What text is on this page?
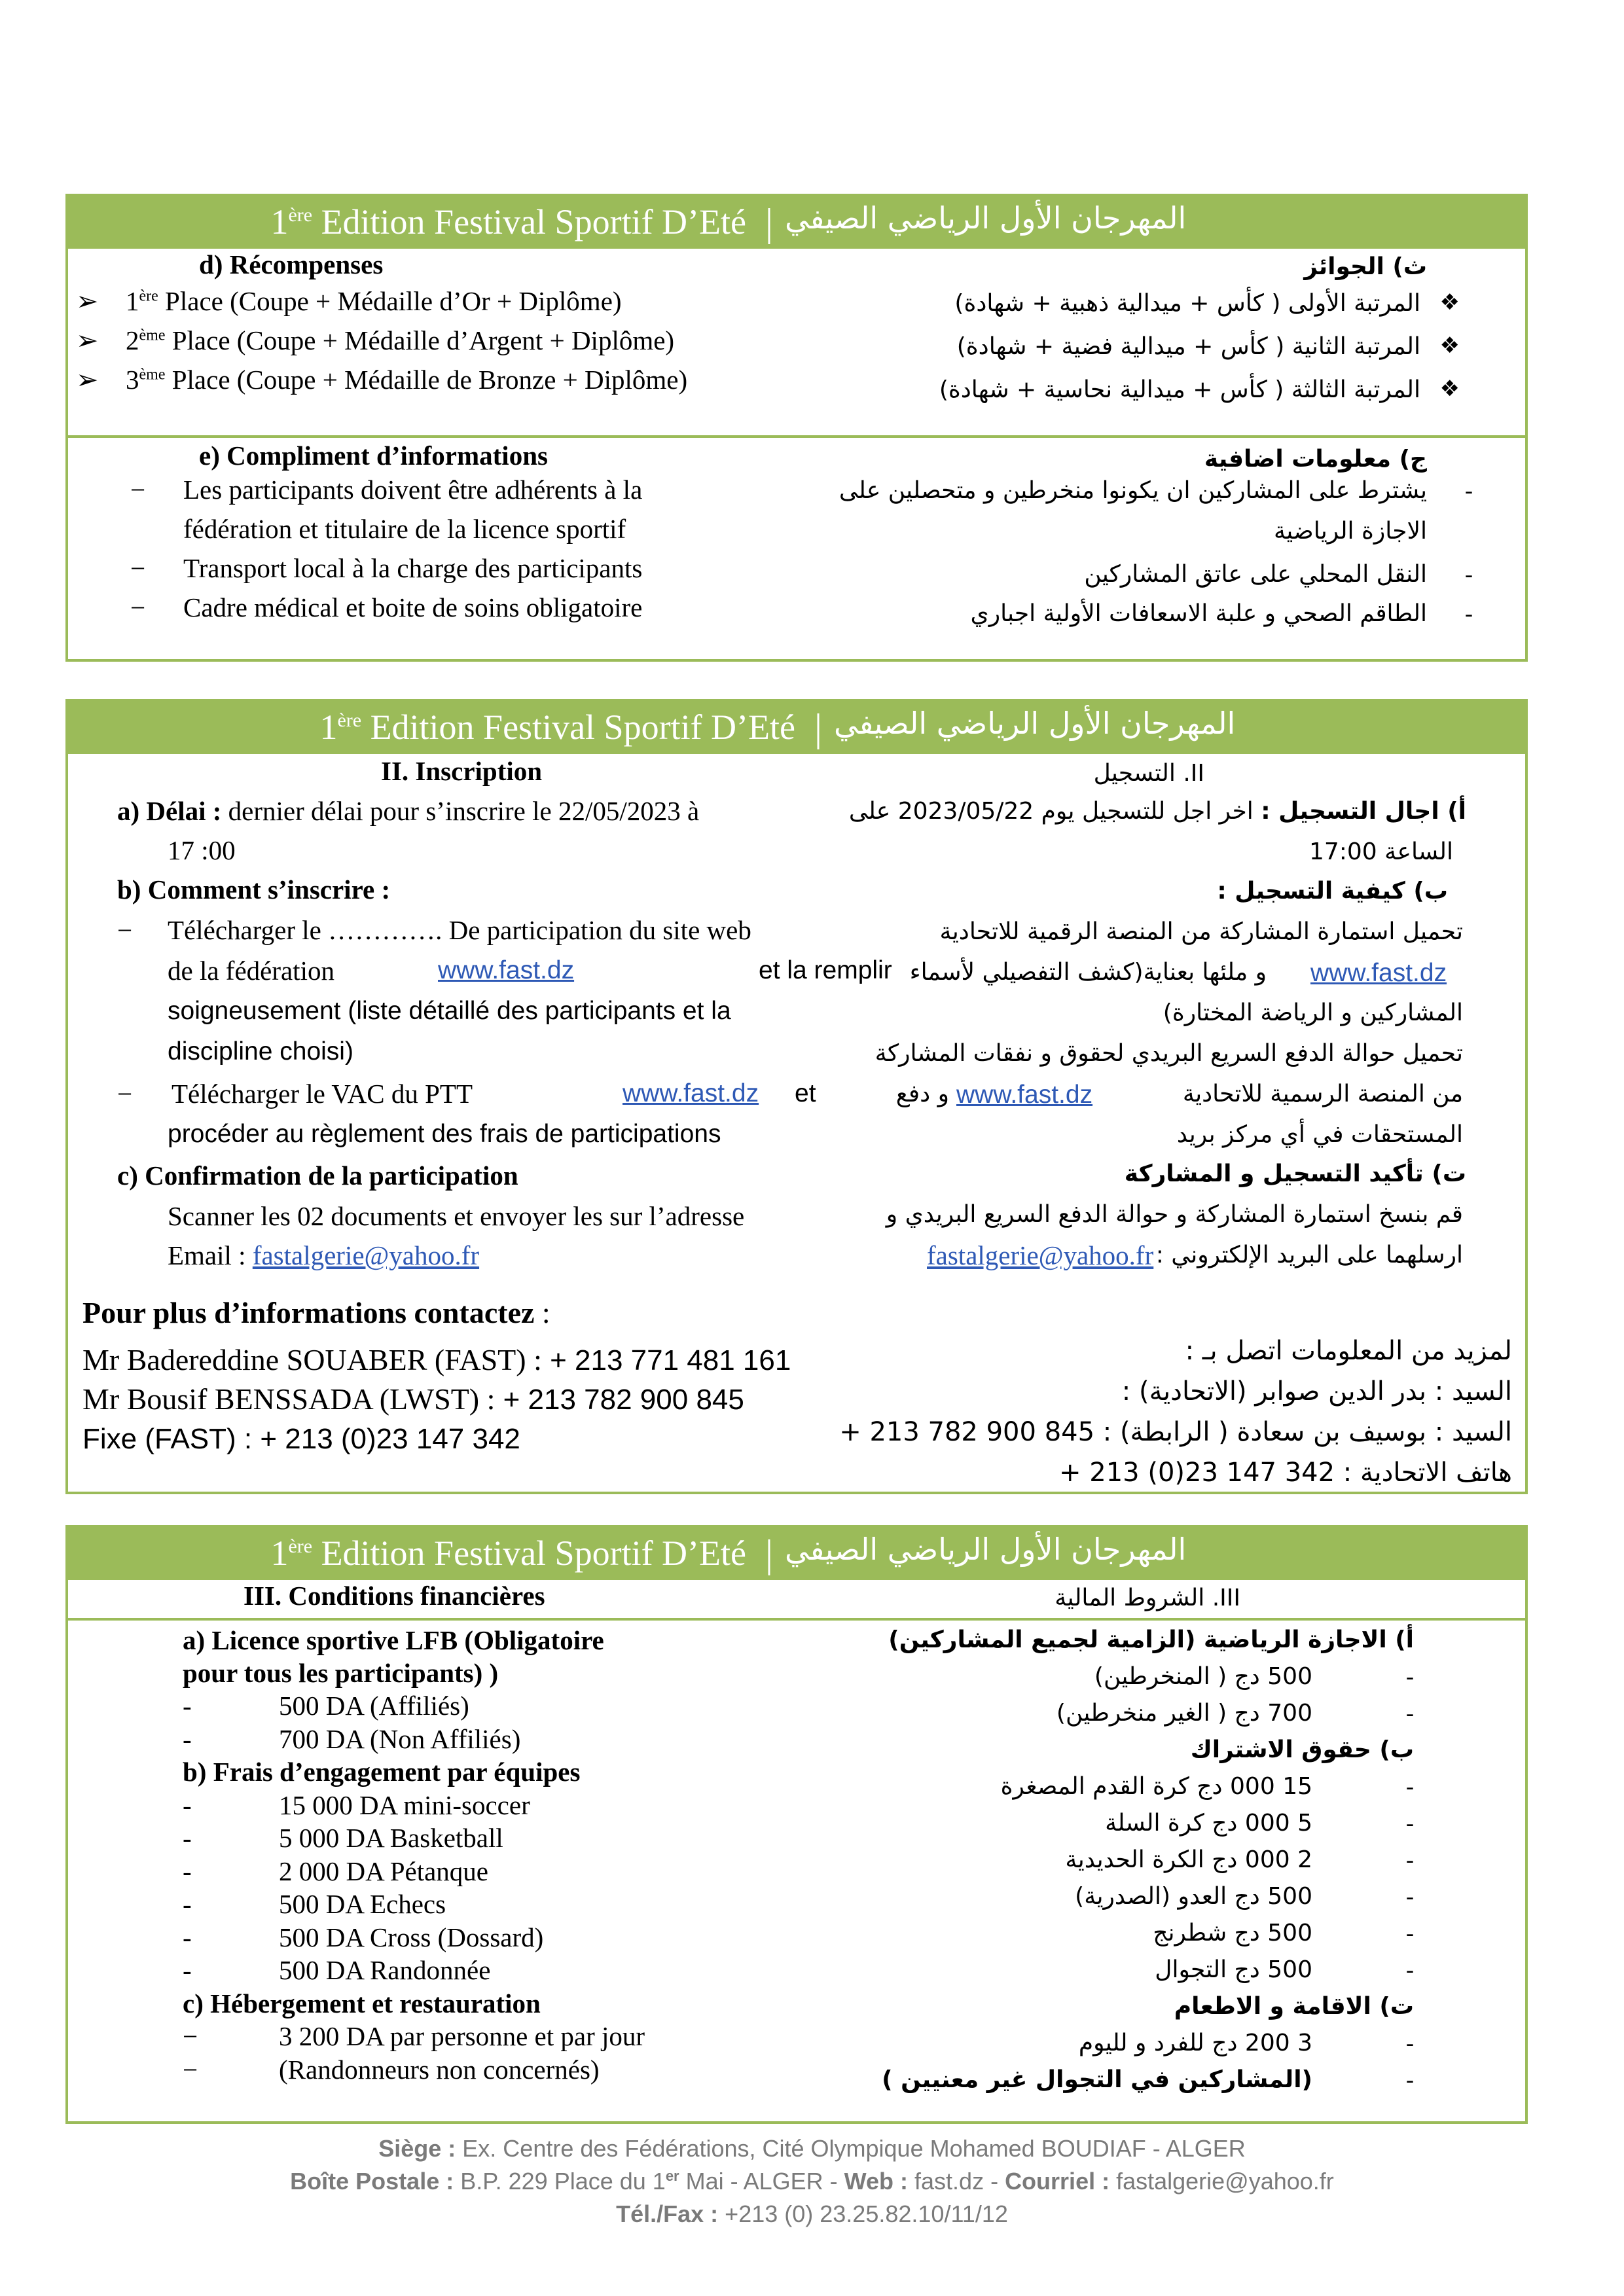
1ère Edition Festival Sportif D’Eté | المهرجان الأول الرياضي الصيفي
d) Récompenses	ث) الجوائز
➢ 1ère Place (Coupe + Médaille d’Or + Diplôme)
➢ 2ème Place (Coupe + Médaille d’Argent + Diplôme)
➢ 3ème Place (Coupe + Médaille de Bronze + Diplôme)
❖
المرتبة الأولى ( كأس + ميدالية ذهبية + شهادة)
❖
المرتبة الثانية ( كأس + ميدالية فضية + شهادة)
❖
المرتبة الثالثة ( كأس + ميدالية نحاسية + شهادة)
e) Compliment d’informations	ج) معلومات اضافية
− Les participants doivent être adhérents à la
fédération et titulaire de la licence sportif
− Transport local à la charge des participants
− Cadre médical et boite de soins obligatoire
-
يشترط على المشاركين ان يكونوا منخرطين و متحصلين على
الاجازة الرياضية
-
النقل المحلي على عاتق المشاركين
-
الطاقم الصحي و علبة الاسعافات الأولية اجباري
1ère Edition Festival Sportif D’Eté | المهرجان الأول الرياضي الصيفي
II. Inscription	II. التسجيل
a) Délai : dernier délai pour s’inscrire le 22/05/2023 à
17 :00
b) Comment s’inscrire :
− Télécharger le …………. De participation du site web
de la fédération	www.fast.dz	et la remplir
soigneusement (liste détaillé des participants et la
discipline choisi)
− Télécharger le VAC du PTT	www.fast.dz et
procéder au règlement des frais de participations
c) Confirmation de la participation
Scanner les 02 documents et envoyer les sur l’adresse
Email : fastalgerie@yahoo.fr
Pour plus d’informations contactez :
Mr Badereddine SOUABER (FAST) : + 213 771 481 161
Mr Bousif BENSSADA (LWST) : + 213 782 900 845
Fixe (FAST) : + 213 (0)23 147 342
أ) اجال التسجيل : اخر اجل للتسجيل يوم 2023/05/22 على
الساعة 17:00
ب) كيفية التسجيل :
تحميل استمارة المشاركة من المنصة الرقمية للاتحادية
www.fast.dz
و ملئها بعناية(كشف التفصيلي لأسماء
المشاركين و الرياضة المختارة)
تحميل حوالة الدفع السريع البريدي لحقوق و نفقات المشاركة
من المنصة الرسمية للاتحادية
www.fast.dz
و دفع
المستحقات في أي مركز بريد
ت) تأكيد التسجيل و المشاركة
قم بنسخ استمارة المشاركة و حوالة الدفع السريع البريدي و
ارسلهما على البريد الإلكتروني :
fastalgerie@yahoo.fr
لمزيد من المعلومات اتصل بـ :
السيد : بدر الدين صوابر (الاتحادية) :
السيد : بوسيف بن سعادة ( الرابطة) : 845 900 782 213 +
هاتف الاتحادية : 342 147 23(0) 213 +
1ère Edition Festival Sportif D’Eté | المهرجان الأول الرياضي الصيفي
III. Conditions financières	III. الشروط المالية
a) Licence sportive LFB (Obligatoire
pour tous les participants) )
-	500 DA (Affiliés)
-	700 DA (Non Affiliés)
b) Frais d’engagement par équipes
-	15 000 DA mini-soccer
-	5 000 DA Basketball
-	2 000 DA Pétanque
-	500 DA Echecs
-	500 DA Cross (Dossard)
-	500 DA Randonnée
c) Hébergement et restauration
−	3 200 DA par personne et par jour
−	(Randonneurs non concernés)
أ) الاجازة الرياضية (الزامية لجميع المشاركين)
-
500 دج ( المنخرطين)
-
700 دج ( الغير منخرطين)
ب) حقوق الاشتراك
-
15 000 دج كرة القدم المصغرة
-
5 000 دج كرة السلة
-
2 000 دج الكرة الحديدية
-
500 دج العدو (الصدرية)
-
500 دج شطرنج
-
500 دج التجوال
ت) الاقامة و الاطعام
-
3 200 دج للفرد و لليوم
-
(المشاركين في التجوال غير معنيين )
Siège : Ex. Centre des Fédérations, Cité Olympique Mohamed BOUDIAF - ALGER
Boîte Postale : B.P. 229 Place du 1er Mai - ALGER - Web : fast.dz - Courriel : fastalgerie@yahoo.fr
Tél./Fax : +213 (0) 23.25.82.10/11/12
